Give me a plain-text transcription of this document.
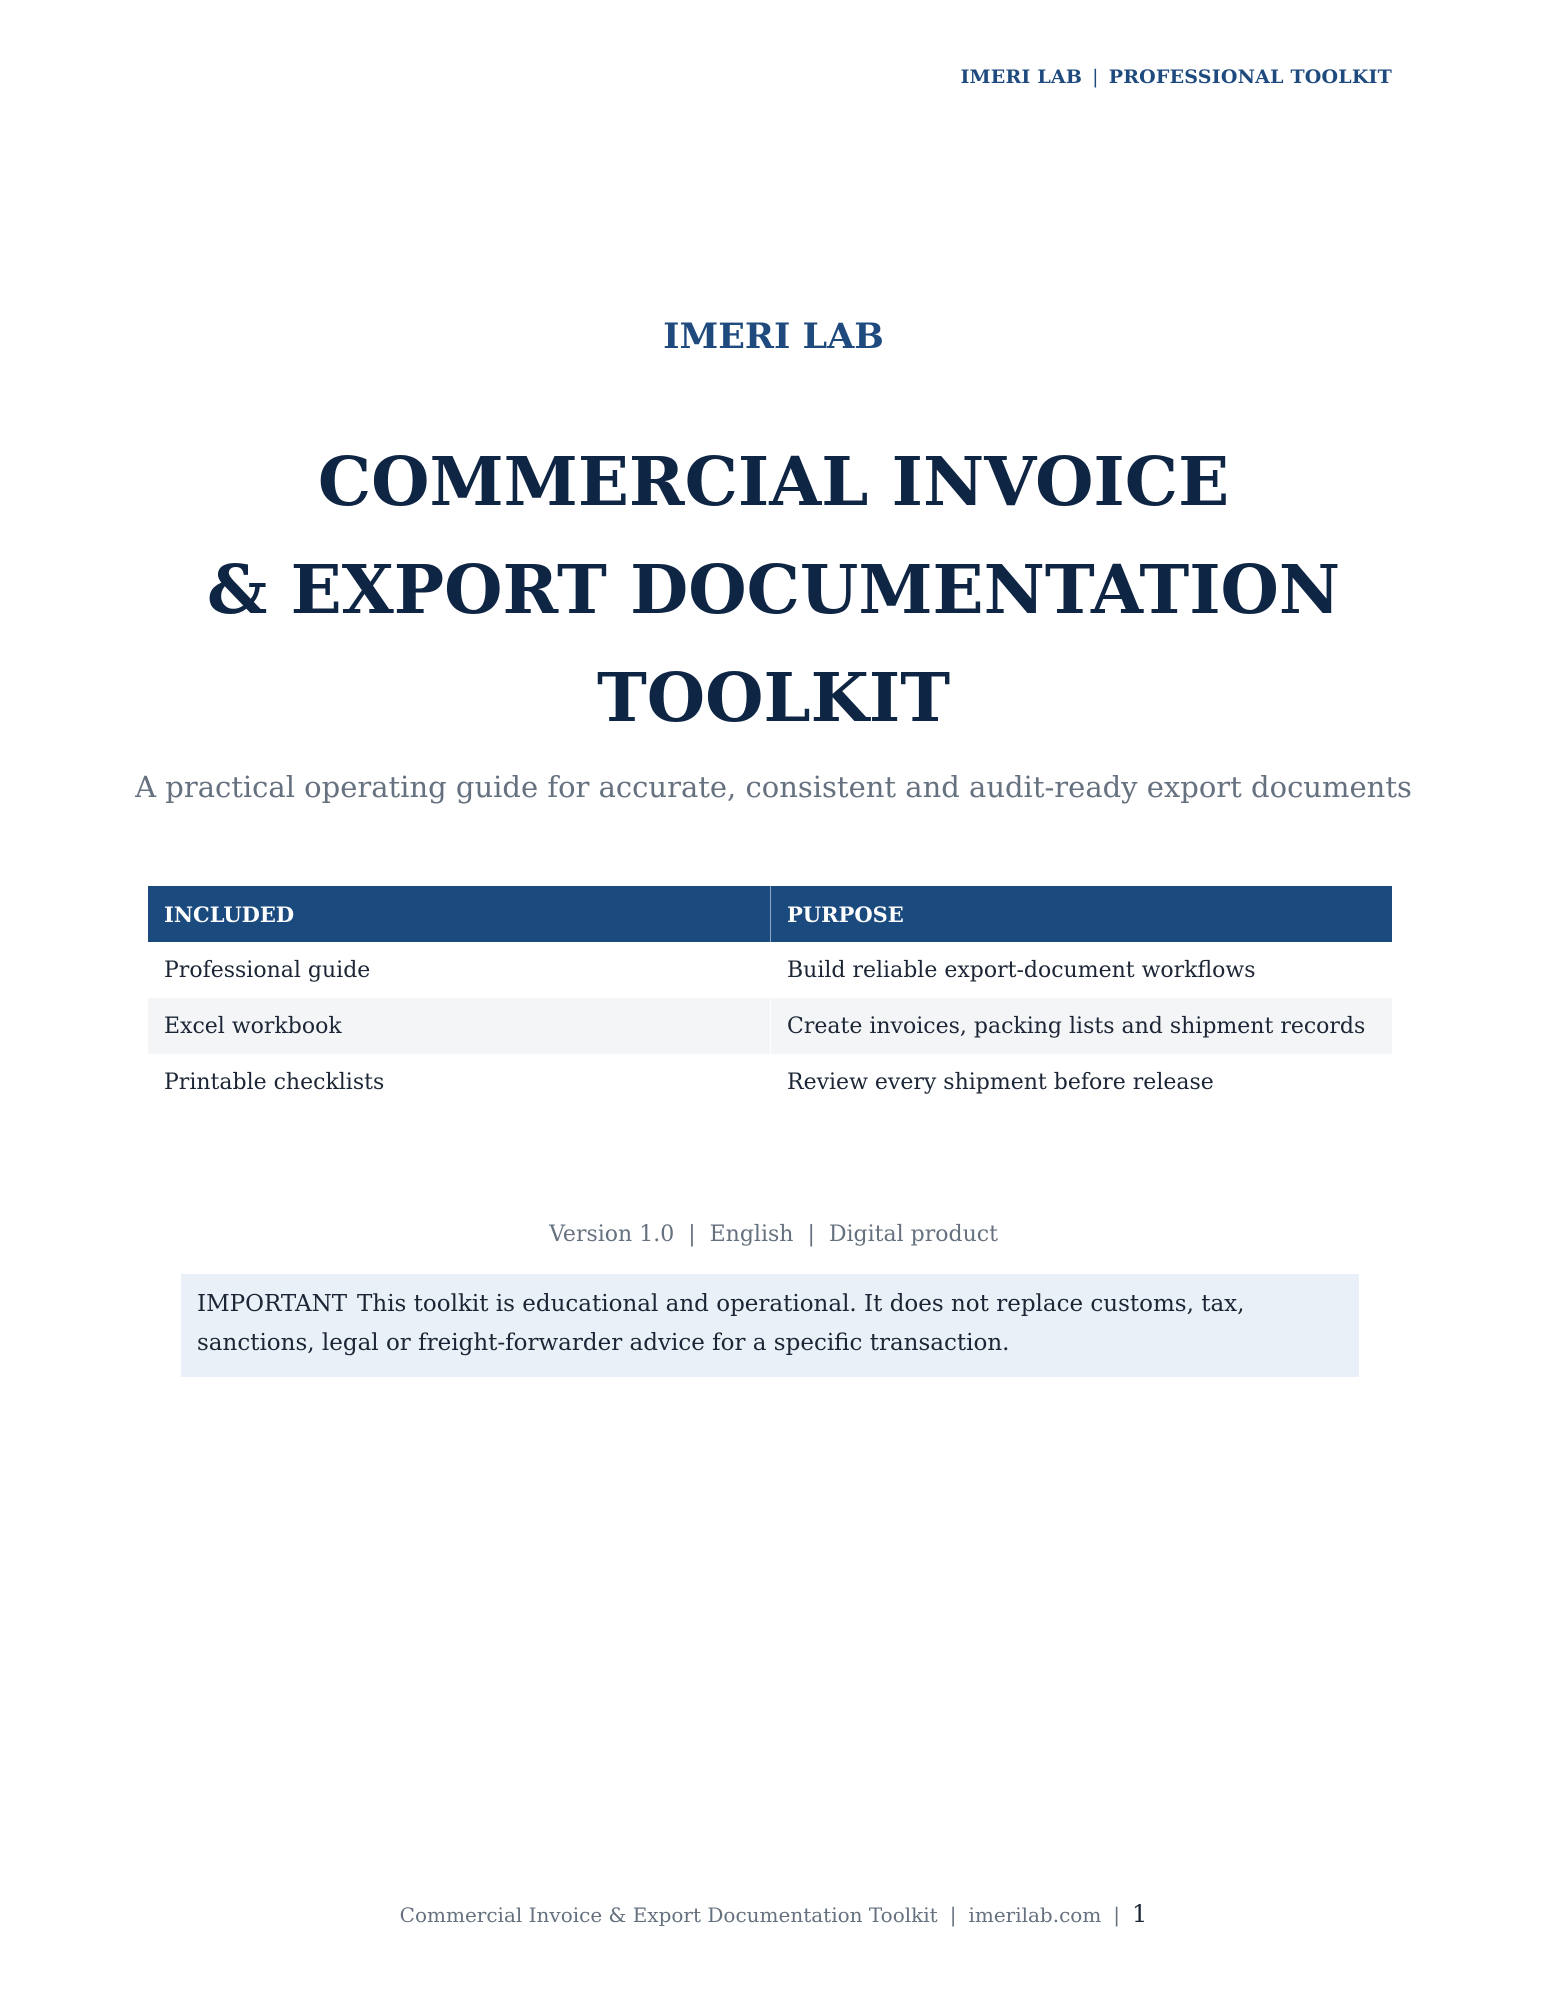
IMERI LAB | PROFESSIONAL TOOLKIT
IMERI LAB
COMMERCIAL INVOICE
& EXPORT DOCUMENTATION
TOOLKIT
A practical operating guide for accurate, consistent and audit-ready export documents
INCLUDED	PURPOSE
Professional guide	Build reliable export-document workflows
Excel workbook	Create invoices, packing lists and shipment records
Printable checklists	Review every shipment before release
Version 1.0 | English | Digital product
IMPORTANT This toolkit is educational and operational. It does not replace customs, tax, sanctions, legal or freight-forwarder advice for a specific transaction.
Commercial Invoice & Export Documentation Toolkit | imerilab.com | 1
